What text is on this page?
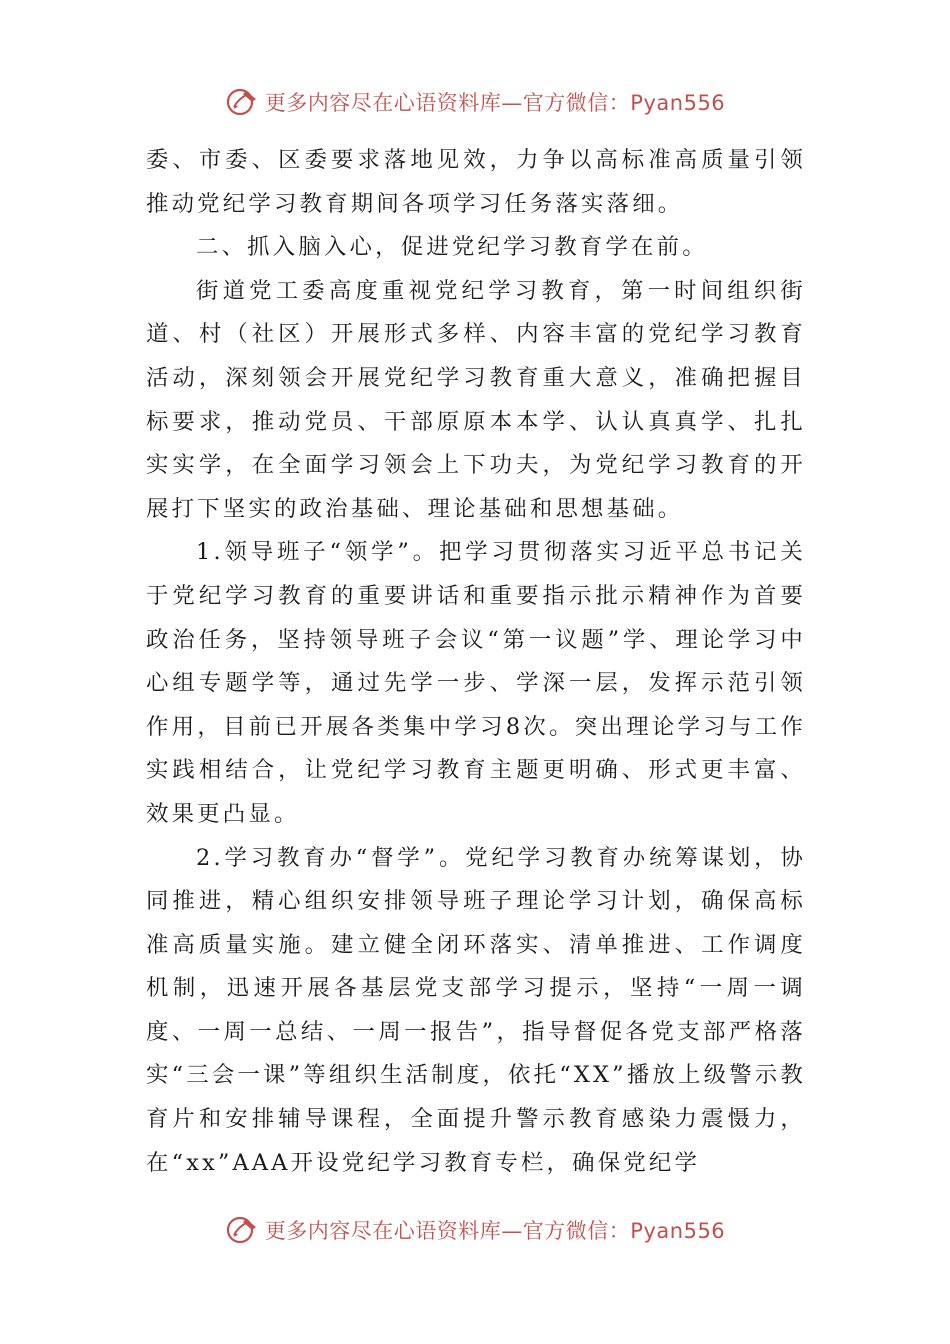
更多内容尽在心语资料库—官方微信：Pyan556

委、市委、区委要求落地见效，力争以高标准高质量引领推动党纪学习教育期间各项学习任务落实落细。

二、抓入脑入心，促进党纪学习教育学在前。

街道党工委高度重视党纪学习教育，第一时间组织街道、村（社区）开展形式多样、内容丰富的党纪学习教育活动，深刻领会开展党纪学习教育重大意义，准确把握目标要求，推动党员、干部原原本本学、认认真真学、扎扎实实学，在全面学习领会上下功夫，为党纪学习教育的开展打下坚实的政治基础、理论基础和思想基础。

1.领导班子“领学”。把学习贯彻落实习近平总书记关于党纪学习教育的重要讲话和重要指示批示精神作为首要政治任务，坚持领导班子会议“第一议题”学、理论学习中心组专题学等，通过先学一步、学深一层，发挥示范引领作用，目前已开展各类集中学习8次。突出理论学习与工作实践相结合，让党纪学习教育主题更明确、形式更丰富、效果更凸显。

2.学习教育办“督学”。党纪学习教育办统筹谋划，协同推进，精心组织安排领导班子理论学习计划，确保高标准高质量实施。建立健全闭环落实、清单推进、工作调度机制，迅速开展各基层党支部学习提示，坚持“一周一调度、一周一总结、一周一报告”，指导督促各党支部严格落实“三会一课”等组织生活制度，依托“XX”播放上级警示教育片和安排辅导课程，全面提升警示教育感染力震慑力，在“xx”AAA开设党纪学习教育专栏，确保党纪学

更多内容尽在心语资料库—官方微信：Pyan556
